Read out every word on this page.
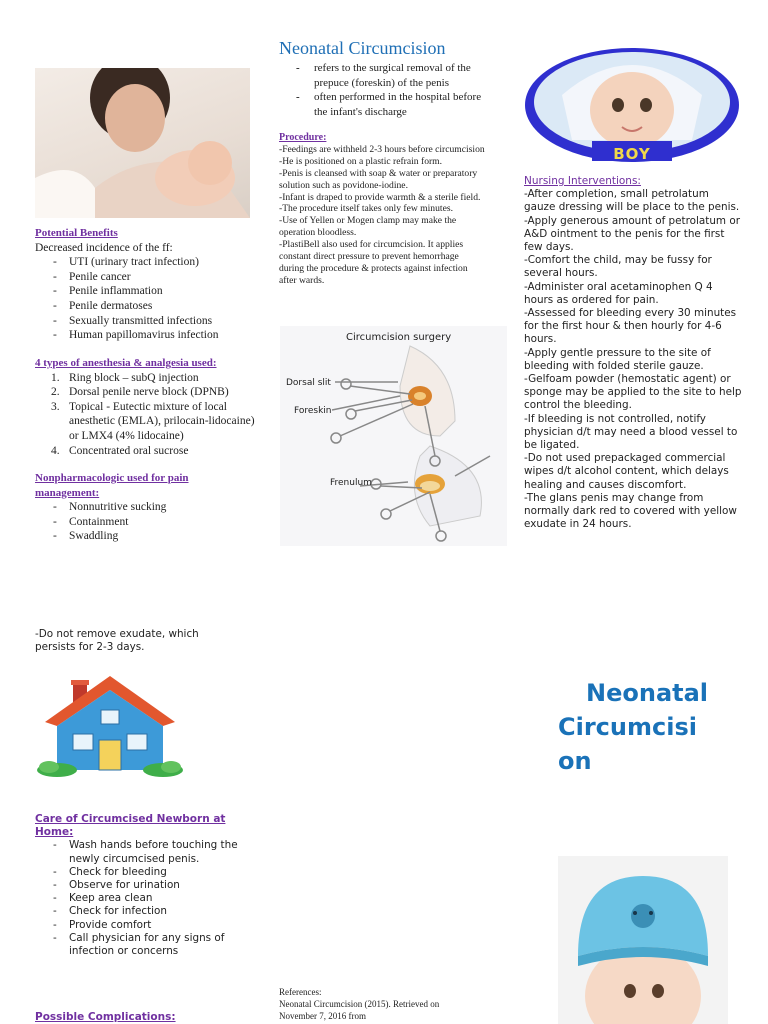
Potential Benefits
Decreased incidence of the ff:
- UTI (urinary tract infection)
- Penile cancer
- Penile inflammation
- Penile dermatoses
- Sexually transmitted infections
- Human papillomavirus infection
4 types of anesthesia & analgesia used:
1. Ring block – subQ injection
2. Dorsal penile nerve block (DPNB)
3. Topical - Eutectic mixture of local anesthetic (EMLA), prilocain-lidocaine) or LMX4 (4% lidocaine)
4. Concentrated oral sucrose
Nonpharmacologic used for pain management:
- Nonnutritive sucking
- Containment
- Swaddling
Neonatal Circumcision
- refers to the surgical removal of the prepuce (foreskin) of the penis
- often performed in the hospital before the infant's discharge
Procedure:
-Feedings are withheld 2-3 hours before circumcision
-He is positioned on a plastic refrain form.
-Penis is cleansed with soap & water or preparatory solution such as povidone-iodine.
-Infant is draped to provide warmth & a sterile field.
-The procedure itself takes only few minutes.
-Use of Yellen or Mogen clamp may make the operation bloodless.
-PlastiBell also used for circumcision. It applies constant direct pressure to prevent hemorrhage during the procedure & protects against infection after wards.
Circumcision surgery
Dorsal slit
Foreskin
Frenulum
References:
Neonatal Circumcision (2015). Retrieved on November 7, 2016 from
BOY
Nursing Interventions:
-After completion, small petrolatum gauze dressing will be place to the penis.
-Apply generous amount of petrolatum or A&D ointment to the penis for the first few days.
-Comfort the child, may be fussy for several hours.
-Administer oral acetaminophen Q 4 hours as ordered for pain.
-Assessed for bleeding every 30 minutes for the first hour & then hourly for 4-6 hours.
-Apply gentle pressure to the site of bleeding with folded sterile gauze.
-Gelfoam powder (hemostatic agent) or sponge may be applied to the site to help control the bleeding.
-If bleeding is not controlled, notify physician d/t may need a blood vessel to be ligated.
-Do not used prepackaged commercial wipes d/t alcohol content, which delays healing and causes discomfort.
-The glans penis may change from normally dark red to covered with yellow exudate in 24 hours.
-Do not remove exudate, which persists for 2-3 days.
Care of Circumcised Newborn at Home:
- Wash hands before touching the newly circumcised penis.
- Check for bleeding
- Observe for urination
- Keep area clean
- Check for infection
- Provide comfort
- Call physician for any signs of infection or concerns
Possible Complications:
Neonatal
Circumcisi
on
